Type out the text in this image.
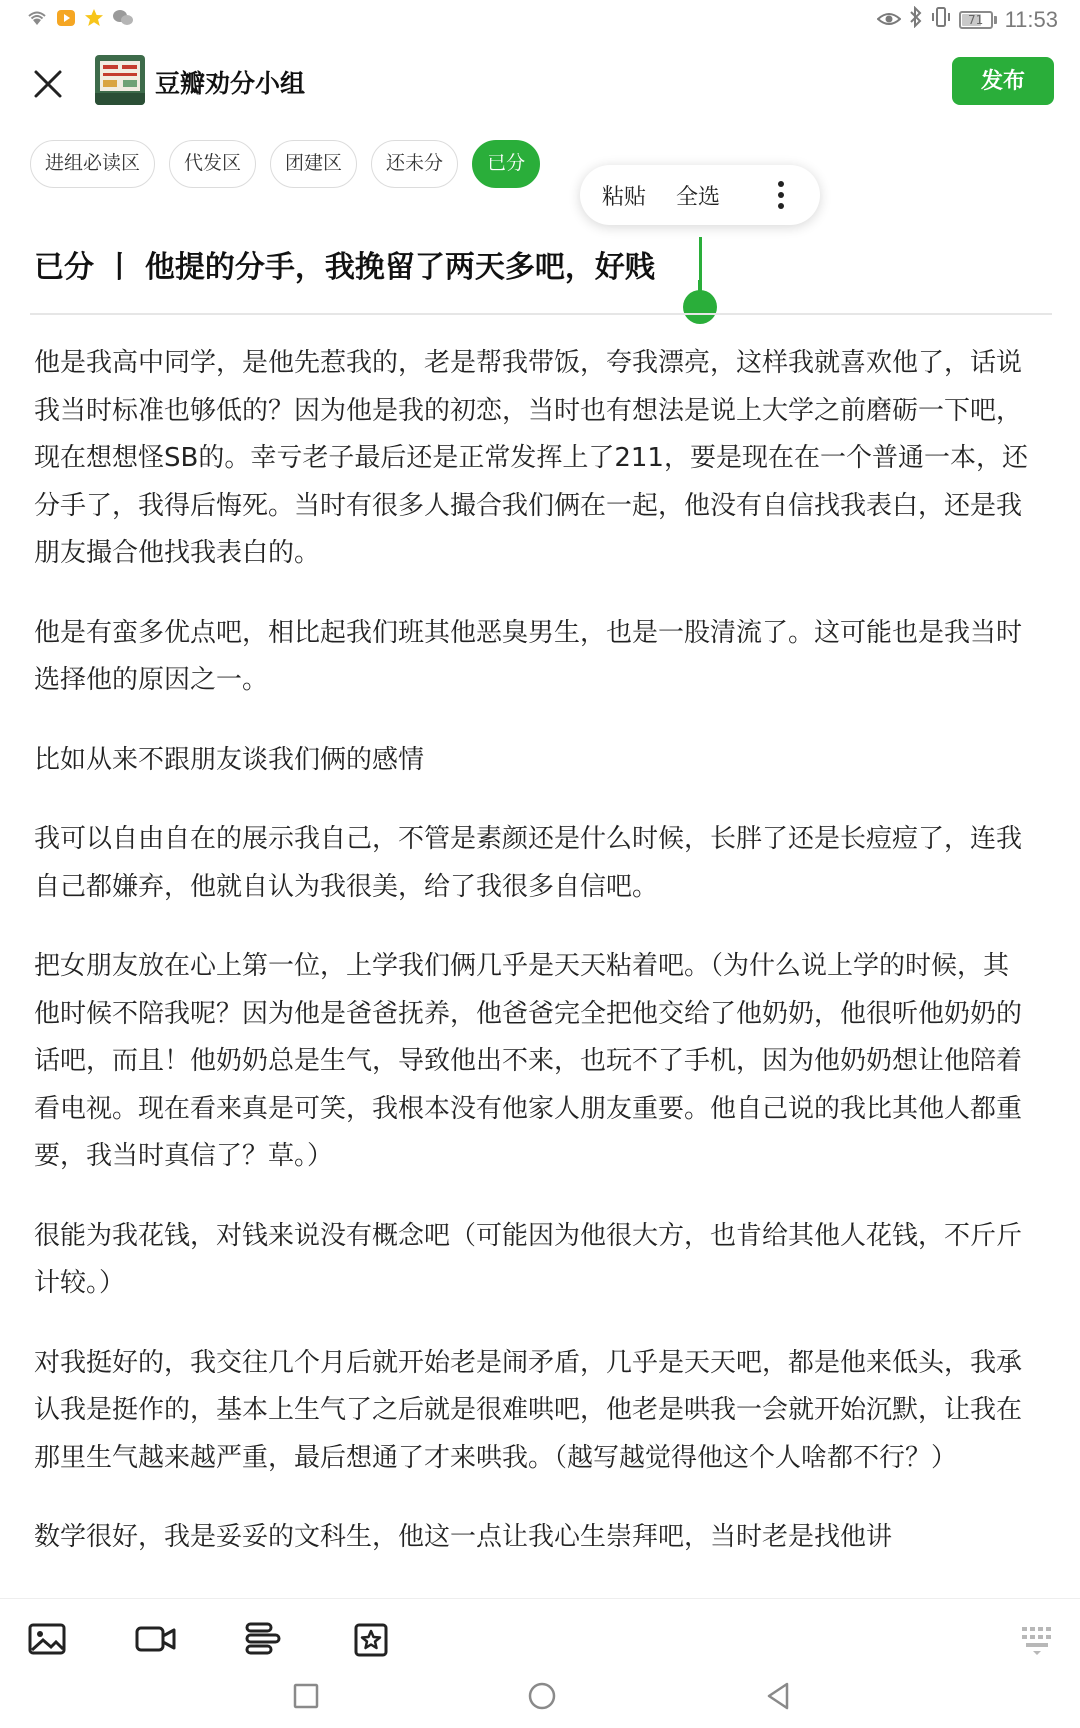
71 11:53
豆瓣劝分小组	发布
进组必读区	代发区	团建区	还未分	已分
粘贴 全选
已分 丨 他提的分手，我挽留了两天多吧，好贱

他是我高中同学，是他先惹我的，老是帮我带饭，夸我漂亮，这样我就喜欢他了，话说我当时标准也够低的？因为他是我的初恋，当时也有想法是说上大学之前磨砺一下吧，现在想想怪SB的。幸亏老子最后还是正常发挥上了211，要是现在在一个普通一本，还分手了，我得后悔死。当时有很多人撮合我们俩在一起，他没有自信找我表白，还是我朋友撮合他找我表白的。

他是有蛮多优点吧，相比起我们班其他恶臭男生，也是一股清流了。这可能也是我当时选择他的原因之一。

比如从来不跟朋友谈我们俩的感情

我可以自由自在的展示我自己，不管是素颜还是什么时候，长胖了还是长痘痘了，连我自己都嫌弃，他就自认为我很美，给了我很多自信吧。

把女朋友放在心上第一位，上学我们俩几乎是天天粘着吧。（为什么说上学的时候，其他时候不陪我呢？因为他是爸爸抚养，他爸爸完全把他交给了他奶奶，他很听他奶奶的话吧，而且！他奶奶总是生气，导致他出不来，也玩不了手机，因为他奶奶想让他陪着看电视。现在看来真是可笑，我根本没有他家人朋友重要。他自己说的我比其他人都重要，我当时真信了？草。）

很能为我花钱，对钱来说没有概念吧（可能因为他很大方，也肯给其他人花钱，不斤斤计较。）

对我挺好的，我交往几个月后就开始老是闹矛盾，几乎是天天吧，都是他来低头，我承认我是挺作的，基本上生气了之后就是很难哄吧，他老是哄我一会就开始沉默，让我在那里生气越来越严重，最后想通了才来哄我。（越写越觉得他这个人啥都不行？）

数学很好，我是妥妥的文科生，他这一点让我心生崇拜吧，当时老是找他讲
